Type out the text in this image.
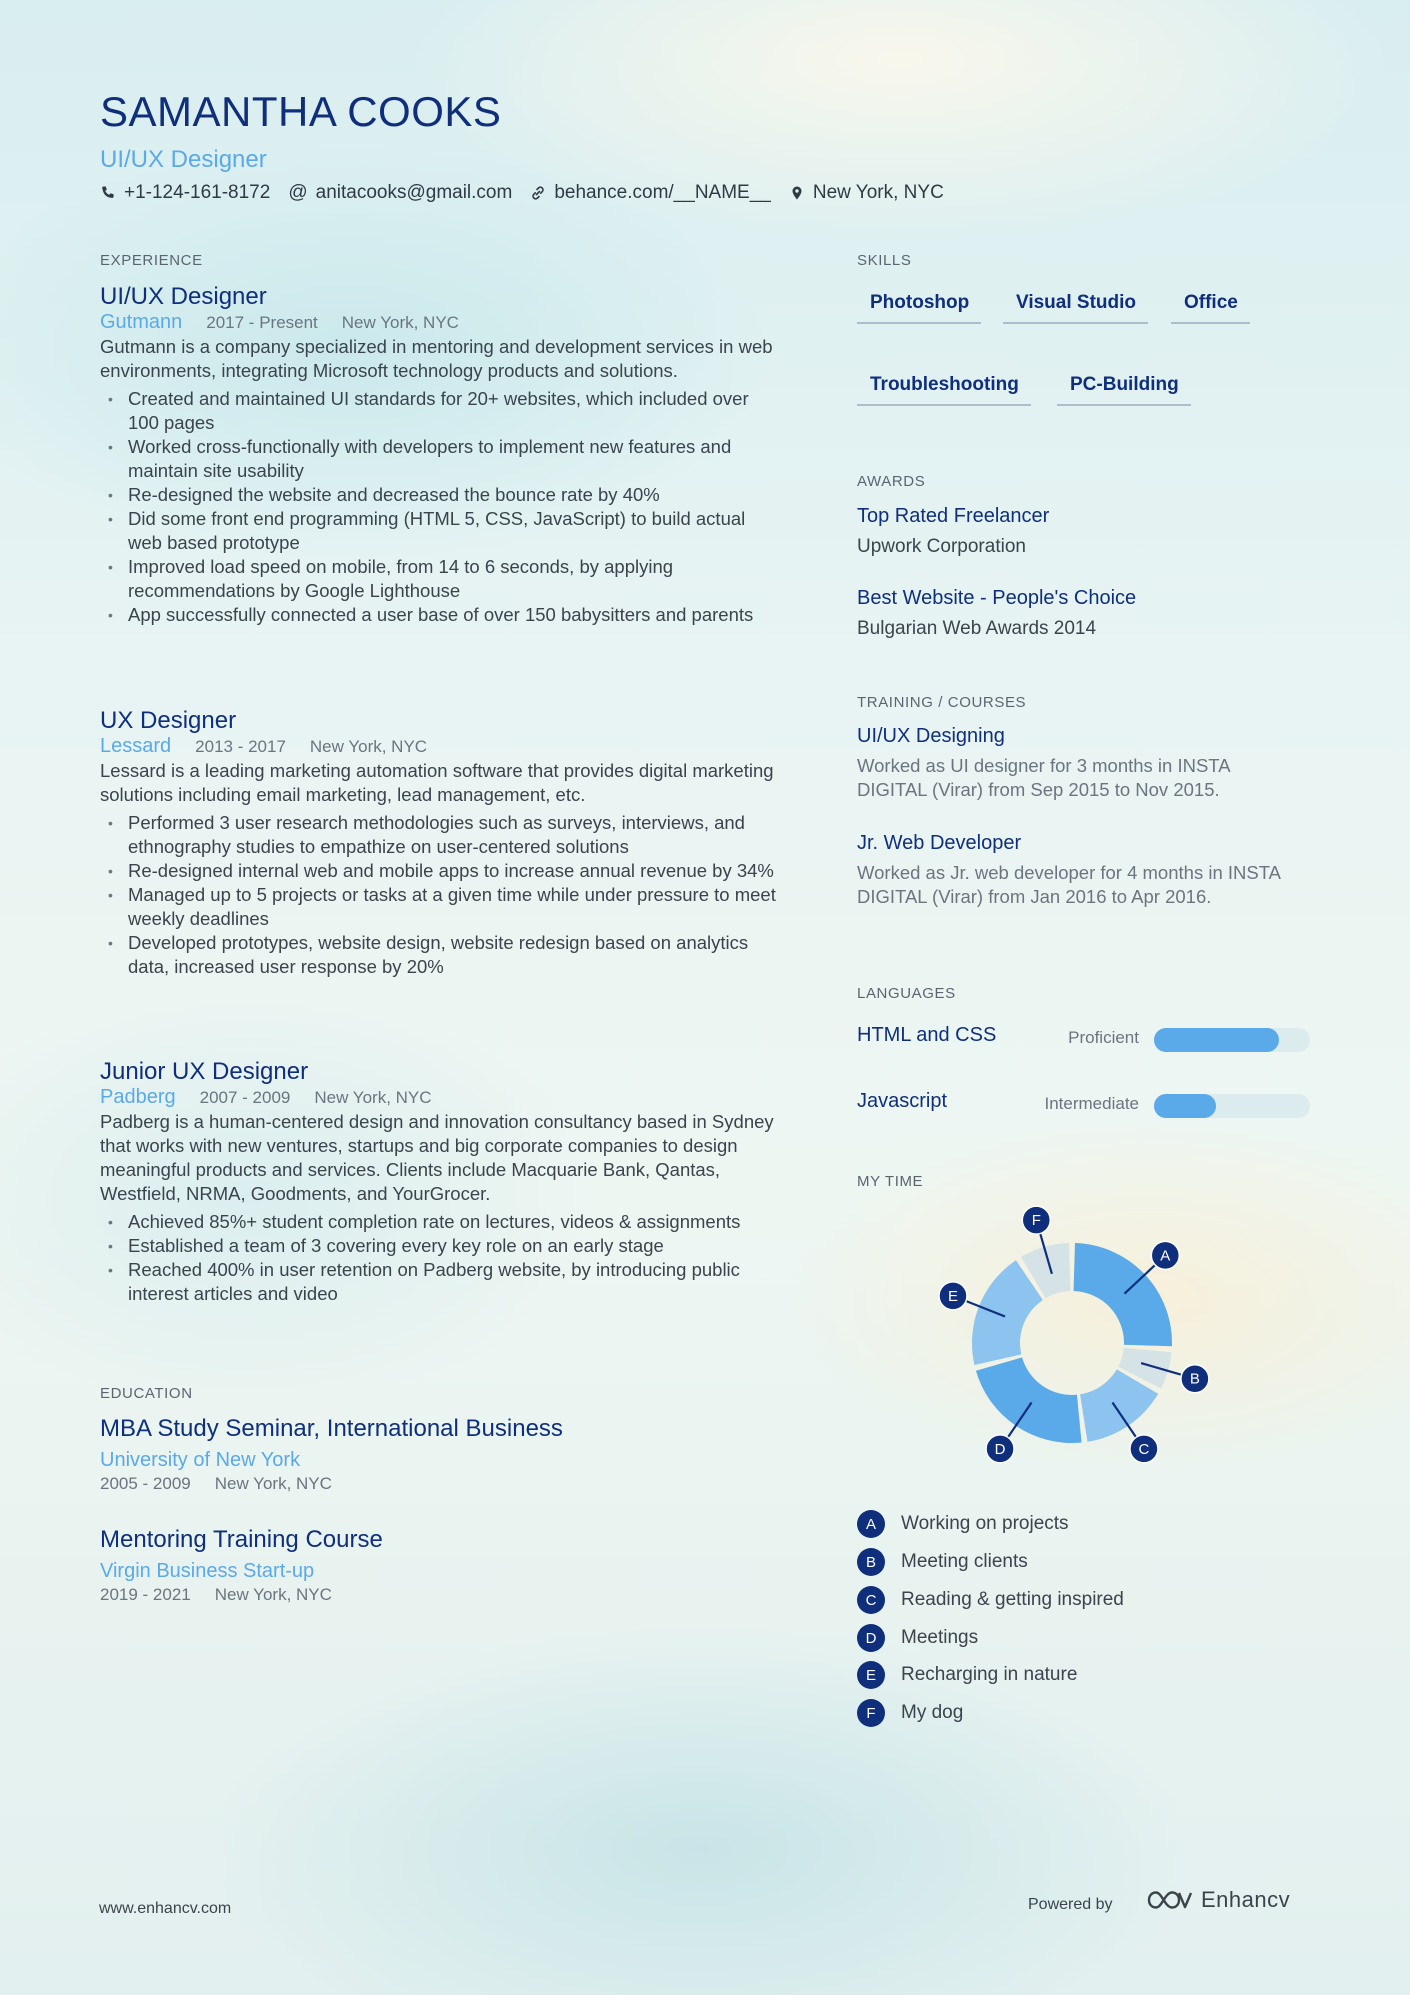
SAMANTHA COOKS
UI/UX Designer
+1-124-161-8172 @ anitacooks@gmail.com behance.com/__NAME__ New York, NYC
EXPERIENCE
UI/UX Designer
Gutmann 2017 - Present New York, NYC
Gutmann is a company specialized in mentoring and development services in web environments, integrating Microsoft technology products and solutions.
• Created and maintained UI standards for 20+ websites, which included over 100 pages
• Worked cross-functionally with developers to implement new features and maintain site usability
• Re-designed the website and decreased the bounce rate by 40%
• Did some front end programming (HTML 5, CSS, JavaScript) to build actual web based prototype
• Improved load speed on mobile, from 14 to 6 seconds, by applying recommendations by Google Lighthouse
• App successfully connected a user base of over 150 babysitters and parents
UX Designer
Lessard 2013 - 2017 New York, NYC
Lessard is a leading marketing automation software that provides digital marketing solutions including email marketing, lead management, etc.
• Performed 3 user research methodologies such as surveys, interviews, and ethnography studies to empathize on user-centered solutions
• Re-designed internal web and mobile apps to increase annual revenue by 34%
• Managed up to 5 projects or tasks at a given time while under pressure to meet weekly deadlines
• Developed prototypes, website design, website redesign based on analytics data, increased user response by 20%
Junior UX Designer
Padberg 2007 - 2009 New York, NYC
Padberg is a human-centered design and innovation consultancy based in Sydney that works with new ventures, startups and big corporate companies to design meaningful products and services. Clients include Macquarie Bank, Qantas, Westfield, NRMA, Goodments, and YourGrocer.
• Achieved 85%+ student completion rate on lectures, videos & assignments
• Established a team of 3 covering every key role on an early stage
• Reached 400% in user retention on Padberg website, by introducing public interest articles and video
EDUCATION
MBA Study Seminar, International Business
University of New York
2005 - 2009 New York, NYC
Mentoring Training Course
Virgin Business Start-up
2019 - 2021 New York, NYC
SKILLS
Photoshop	Visual Studio	Office
Troubleshooting	PC-Building
AWARDS
Top Rated Freelancer
Upwork Corporation
Best Website - People's Choice
Bulgarian Web Awards 2014
TRAINING / COURSES
UI/UX Designing
Worked as UI designer for 3 months in INSTA DIGITAL (Virar) from Sep 2015 to Nov 2015.
Jr. Web Developer
Worked as Jr. web developer for 4 months in INSTA DIGITAL (Virar) from Jan 2016 to Apr 2016.
LANGUAGES
HTML and CSS	Proficient
Javascript	Intermediate
MY TIME
A
B
C
D
E
F
A	Working on projects
B	Meeting clients
C	Reading & getting inspired
D	Meetings
E	Recharging in nature
F	My dog
www.enhancv.com	Powered by	Enhancv
